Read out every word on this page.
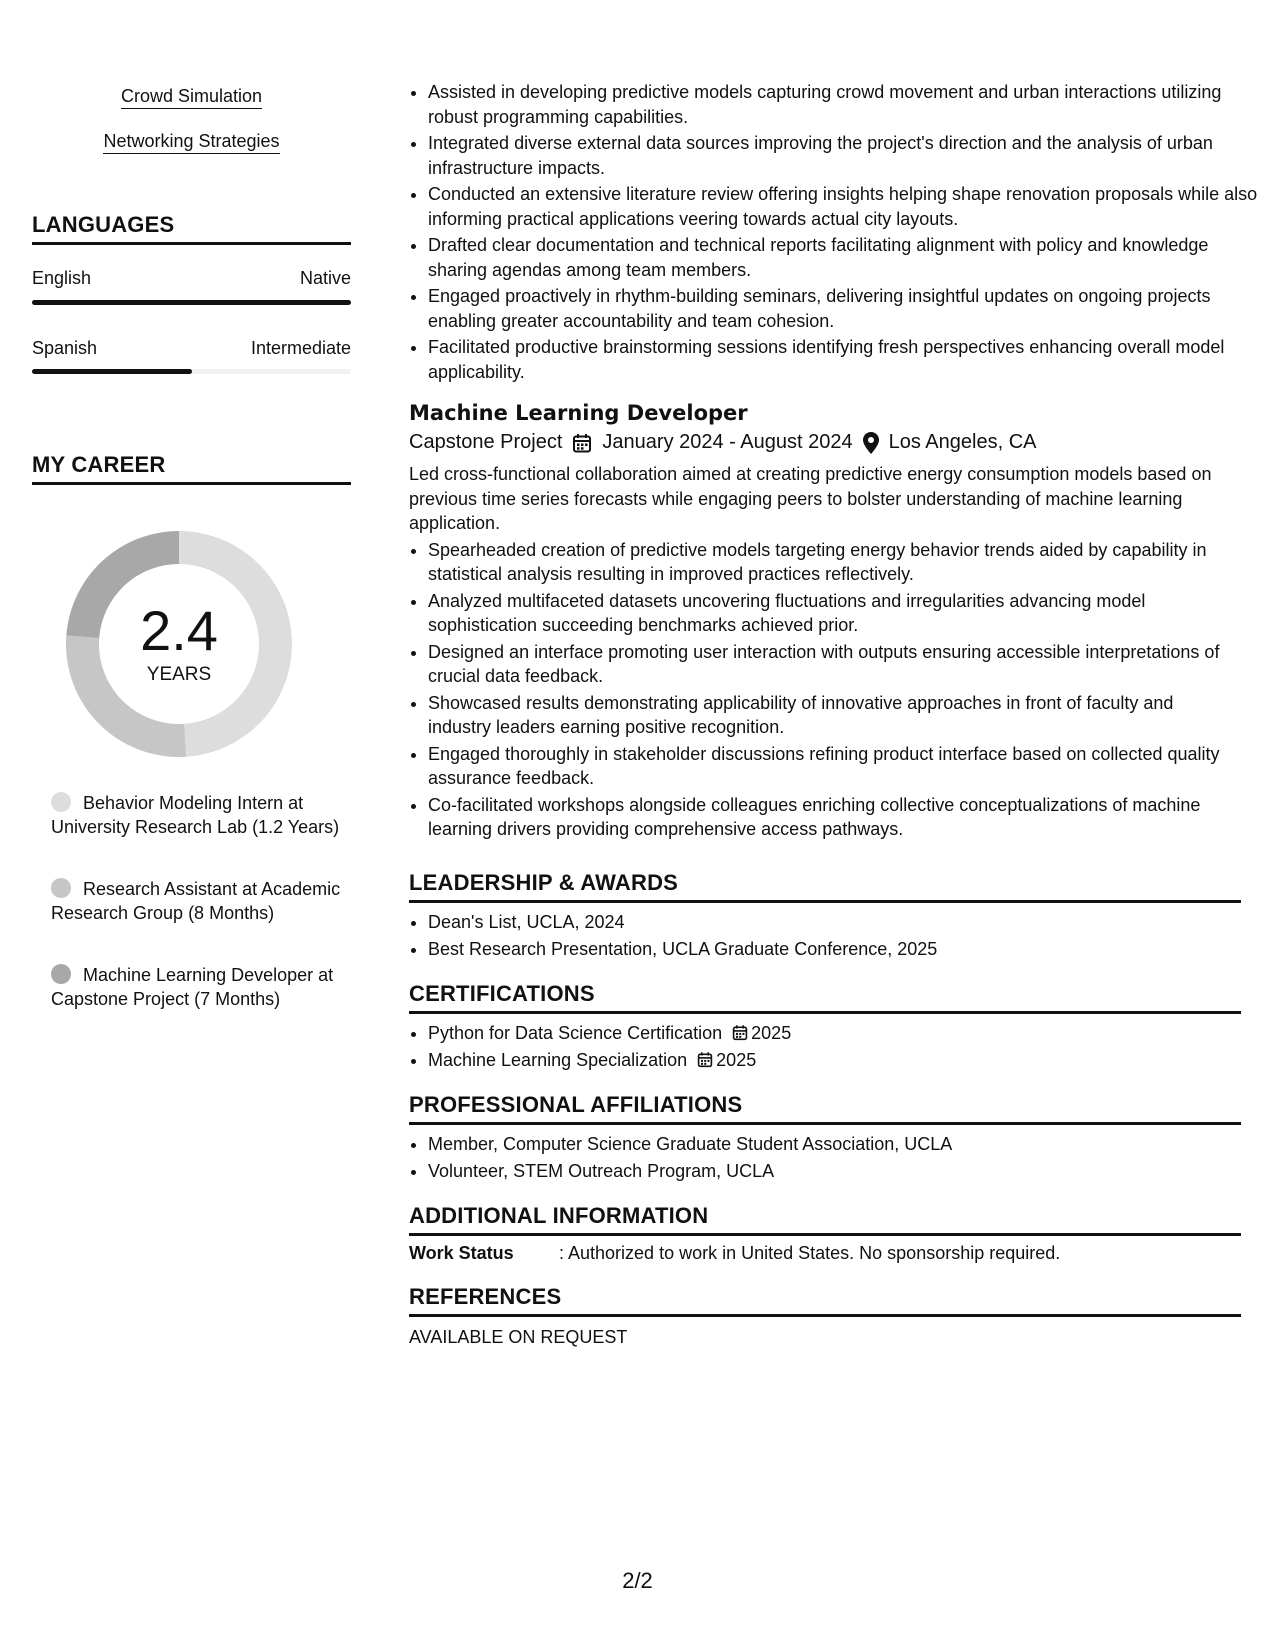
Crowd Simulation
Networking Strategies
LANGUAGES
English	Native
Spanish	Intermediate
MY CAREER
2.4
YEARS
Behavior Modeling Intern at University Research Lab (1.2 Years)
Research Assistant at Academic Research Group (8 Months)
Machine Learning Developer at Capstone Project (7 Months)
• Assisted in developing predictive models capturing crowd movement and urban interactions utilizing robust programming capabilities.
• Integrated diverse external data sources improving the project's direction and the analysis of urban infrastructure impacts.
• Conducted an extensive literature review offering insights helping shape renovation proposals while also informing practical applications veering towards actual city layouts.
• Drafted clear documentation and technical reports facilitating alignment with policy and knowledge sharing agendas among team members.
• Engaged proactively in rhythm-building seminars, delivering insightful updates on ongoing projects enabling greater accountability and team cohesion.
• Facilitated productive brainstorming sessions identifying fresh perspectives enhancing overall model applicability.
Machine Learning Developer
Capstone Project January 2024 - August 2024 Los Angeles, CA
Led cross-functional collaboration aimed at creating predictive energy consumption models based on previous time series forecasts while engaging peers to bolster understanding of machine learning application.
• Spearheaded creation of predictive models targeting energy behavior trends aided by capability in statistical analysis resulting in improved practices reflectively.
• Analyzed multifaceted datasets uncovering fluctuations and irregularities advancing model sophistication succeeding benchmarks achieved prior.
• Designed an interface promoting user interaction with outputs ensuring accessible interpretations of crucial data feedback.
• Showcased results demonstrating applicability of innovative approaches in front of faculty and industry leaders earning positive recognition.
• Engaged thoroughly in stakeholder discussions refining product interface based on collected quality assurance feedback.
• Co-facilitated workshops alongside colleagues enriching collective conceptualizations of machine learning drivers providing comprehensive access pathways.
LEADERSHIP & AWARDS
• Dean's List, UCLA, 2024
• Best Research Presentation, UCLA Graduate Conference, 2025
CERTIFICATIONS
• Python for Data Science Certification 2025
• Machine Learning Specialization 2025
PROFESSIONAL AFFILIATIONS
• Member, Computer Science Graduate Student Association, UCLA
• Volunteer, STEM Outreach Program, UCLA
ADDITIONAL INFORMATION
Work Status	: Authorized to work in United States. No sponsorship required.
REFERENCES
AVAILABLE ON REQUEST
2/2
